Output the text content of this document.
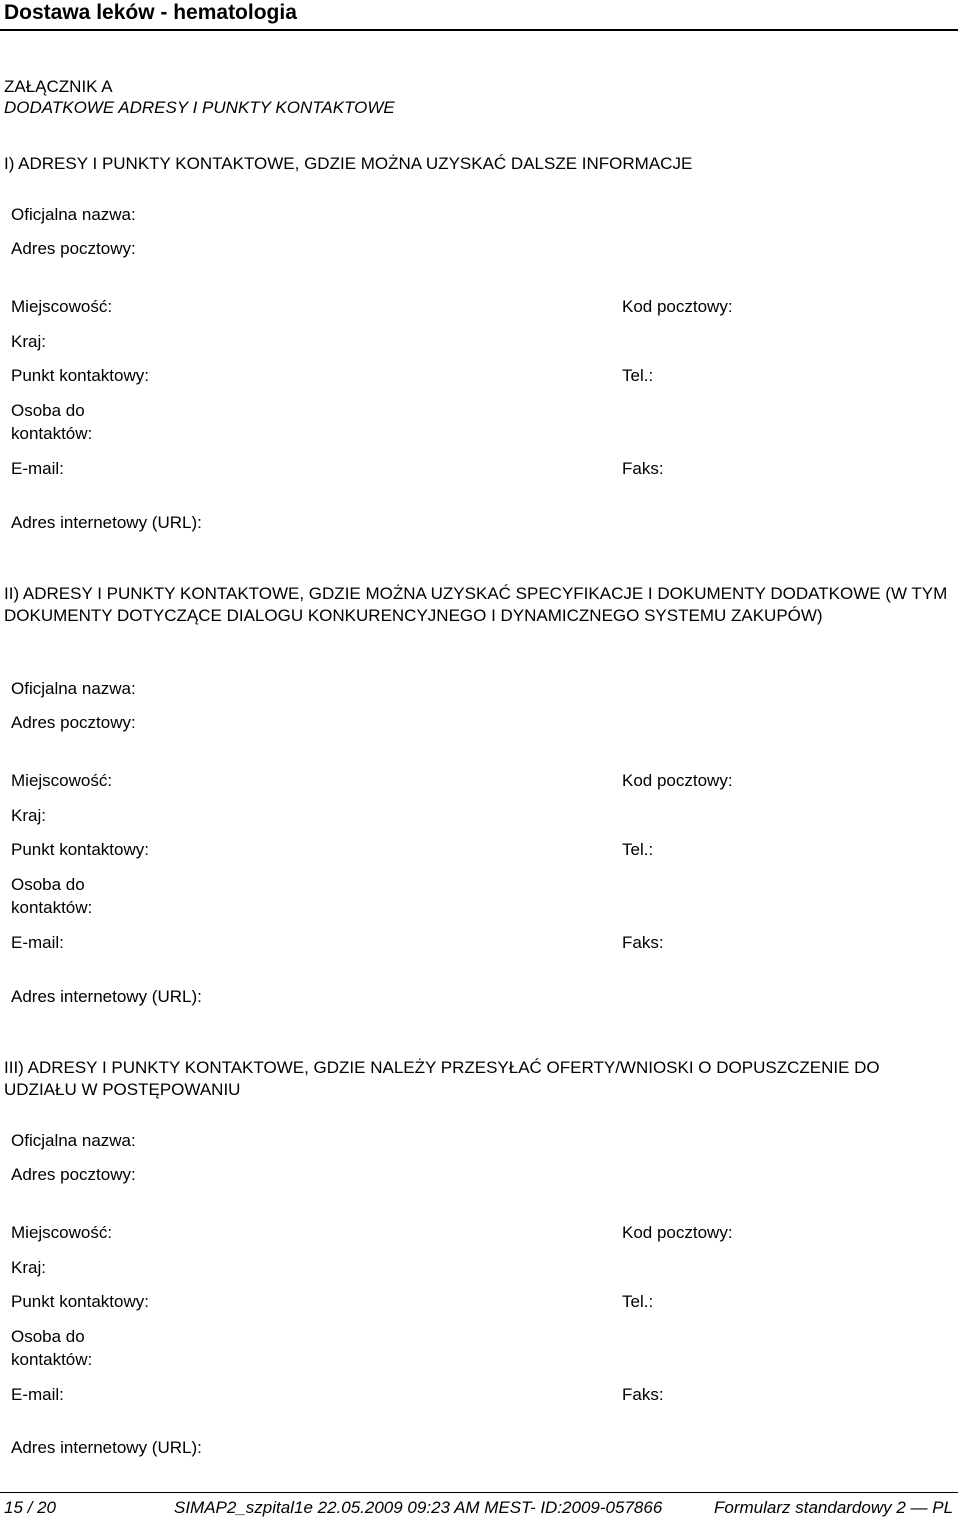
Dostawa leków - hematologia
ZAŁĄCZNIK A
DODATKOWE ADRESY I PUNKTY KONTAKTOWE
I) ADRESY I PUNKTY KONTAKTOWE, GDZIE MOŻNA UZYSKAĆ DALSZE INFORMACJE
Oficjalna nazwa:
Adres pocztowy:
Miejscowość:	Kod pocztowy:
Kraj:
Punkt kontaktowy:	Tel.:
Osoba do
kontaktów:
E-mail:	Faks:
Adres internetowy (URL):
II) ADRESY I PUNKTY KONTAKTOWE, GDZIE MOŻNA UZYSKAĆ SPECYFIKACJE I DOKUMENTY DODATKOWE (W TYM DOKUMENTY DOTYCZĄCE DIALOGU KONKURENCYJNEGO I DYNAMICZNEGO SYSTEMU ZAKUPÓW)
Oficjalna nazwa:
Adres pocztowy:
Miejscowość:	Kod pocztowy:
Kraj:
Punkt kontaktowy:	Tel.:
Osoba do
kontaktów:
E-mail:	Faks:
Adres internetowy (URL):
III) ADRESY I PUNKTY KONTAKTOWE, GDZIE NALEŻY PRZESYŁAĆ OFERTY/WNIOSKI O DOPUSZCZENIE DO UDZIAŁU W POSTĘPOWANIU
Oficjalna nazwa:
Adres pocztowy:
Miejscowość:	Kod pocztowy:
Kraj:
Punkt kontaktowy:	Tel.:
Osoba do
kontaktów:
E-mail:	Faks:
Adres internetowy (URL):
15 / 20	SIMAP2_szpital1e 22.05.2009 09:23 AM MEST- ID:2009-057866	Formularz standardowy 2 — PL
